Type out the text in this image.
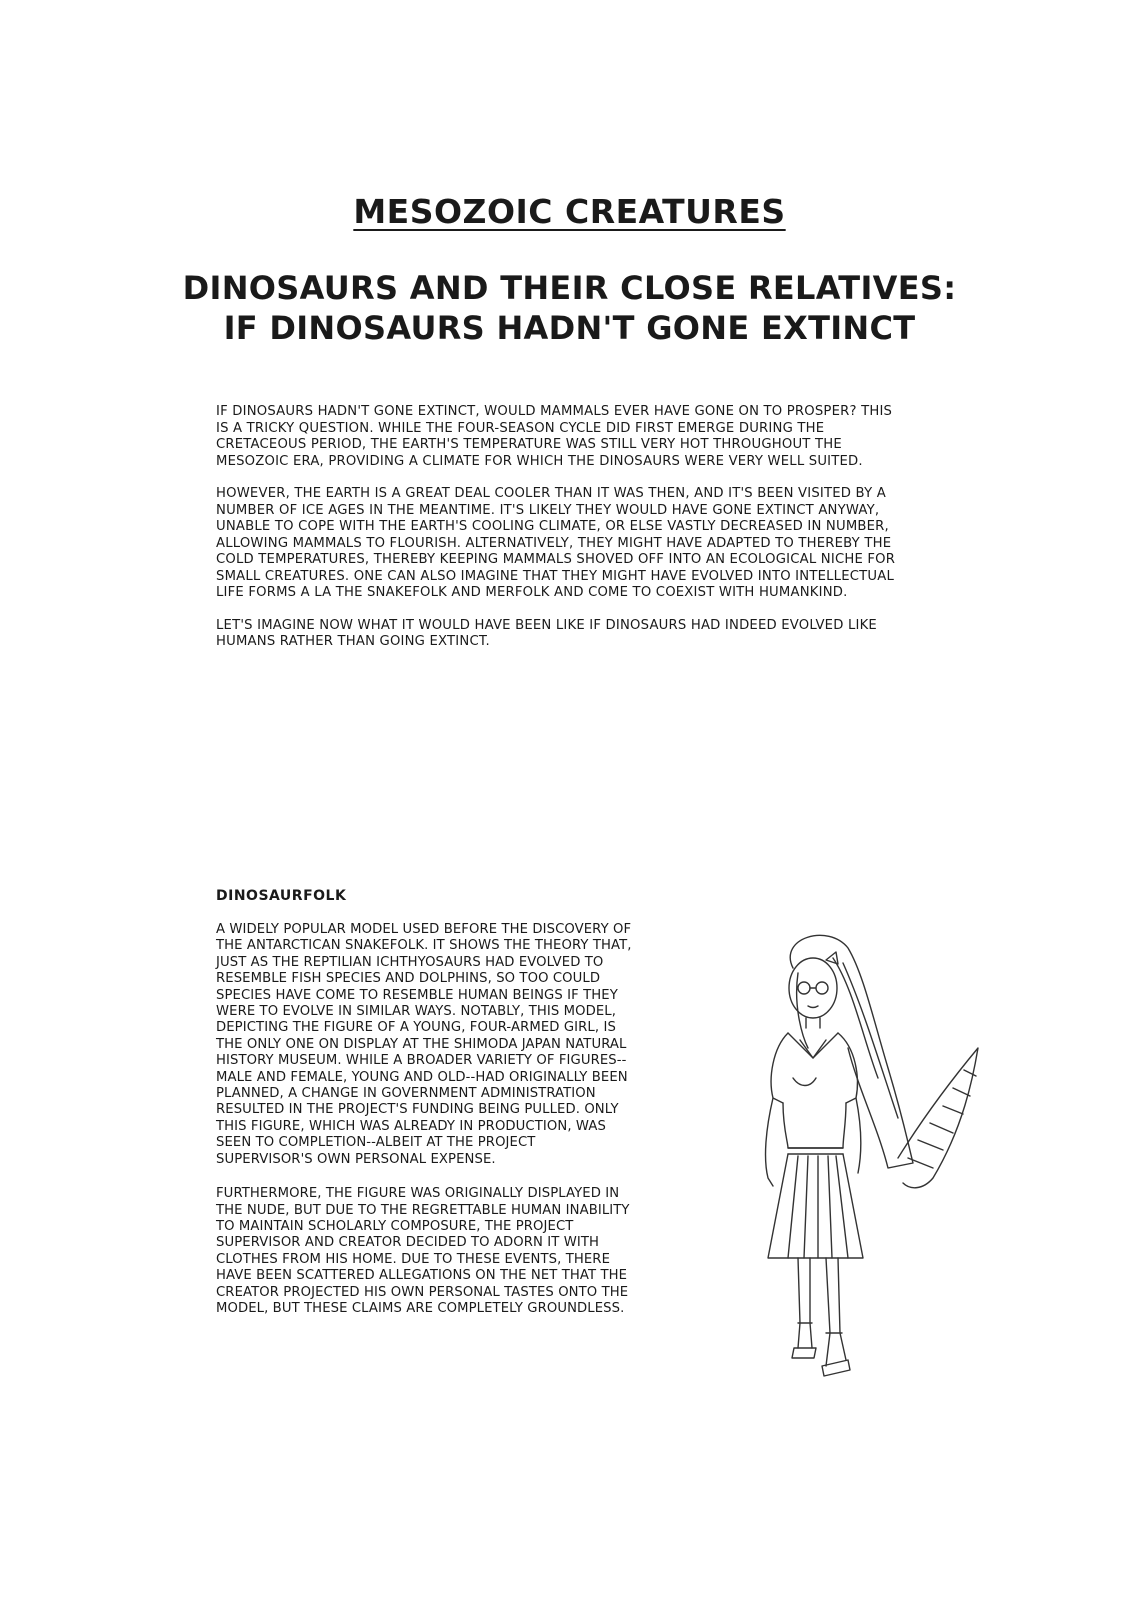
MESOZOIC CREATURES
DINOSAURS AND THEIR CLOSE RELATIVES:
IF DINOSAURS HADN'T GONE EXTINCT

IF DINOSAURS HADN'T GONE EXTINCT, WOULD MAMMALS EVER HAVE GONE ON TO PROSPER? THIS IS A TRICKY QUESTION. WHILE THE FOUR-SEASON CYCLE DID FIRST EMERGE DURING THE CRETACEOUS PERIOD, THE EARTH'S TEMPERATURE WAS STILL VERY HOT THROUGHOUT THE MESOZOIC ERA, PROVIDING A CLIMATE FOR WHICH THE DINOSAURS WERE VERY WELL SUITED.

HOWEVER, THE EARTH IS A GREAT DEAL COOLER THAN IT WAS THEN, AND IT'S BEEN VISITED BY A NUMBER OF ICE AGES IN THE MEANTIME. IT'S LIKELY THEY WOULD HAVE GONE EXTINCT ANYWAY, UNABLE TO COPE WITH THE EARTH'S COOLING CLIMATE, OR ELSE VASTLY DECREASED IN NUMBER, ALLOWING MAMMALS TO FLOURISH. ALTERNATIVELY, THEY MIGHT HAVE ADAPTED TO THEREBY THE COLD TEMPERATURES, THEREBY KEEPING MAMMALS SHOVED OFF INTO AN ECOLOGICAL NICHE FOR SMALL CREATURES. ONE CAN ALSO IMAGINE THAT THEY MIGHT HAVE EVOLVED INTO INTELLECTUAL LIFE FORMS A LA THE SNAKEFOLK AND MERFOLK AND COME TO COEXIST WITH HUMANKIND.

LET'S IMAGINE NOW WHAT IT WOULD HAVE BEEN LIKE IF DINOSAURS HAD INDEED EVOLVED LIKE HUMANS RATHER THAN GOING EXTINCT.

DINOSAURFOLK

A WIDELY POPULAR MODEL USED BEFORE THE DISCOVERY OF THE ANTARCTICAN SNAKEFOLK. IT SHOWS THE THEORY THAT, JUST AS THE REPTILIAN ICHTHYOSAURS HAD EVOLVED TO RESEMBLE FISH SPECIES AND DOLPHINS, SO TOO COULD SPECIES HAVE COME TO RESEMBLE HUMAN BEINGS IF THEY WERE TO EVOLVE IN SIMILAR WAYS. NOTABLY, THIS MODEL, DEPICTING THE FIGURE OF A YOUNG, FOUR-ARMED GIRL, IS THE ONLY ONE ON DISPLAY AT THE SHIMODA JAPAN NATURAL HISTORY MUSEUM. WHILE A BROADER VARIETY OF FIGURES--MALE AND FEMALE, YOUNG AND OLD--HAD ORIGINALLY BEEN PLANNED, A CHANGE IN GOVERNMENT ADMINISTRATION RESULTED IN THE PROJECT'S FUNDING BEING PULLED. ONLY THIS FIGURE, WHICH WAS ALREADY IN PRODUCTION, WAS SEEN TO COMPLETION--ALBEIT AT THE PROJECT SUPERVISOR'S OWN PERSONAL EXPENSE.

FURTHERMORE, THE FIGURE WAS ORIGINALLY DISPLAYED IN THE NUDE, BUT DUE TO THE REGRETTABLE HUMAN INABILITY TO MAINTAIN SCHOLARLY COMPOSURE, THE PROJECT SUPERVISOR AND CREATOR DECIDED TO ADORN IT WITH CLOTHES FROM HIS HOME. DUE TO THESE EVENTS, THERE HAVE BEEN SCATTERED ALLEGATIONS ON THE NET THAT THE CREATOR PROJECTED HIS OWN PERSONAL TASTES ONTO THE MODEL, BUT THESE CLAIMS ARE COMPLETELY GROUNDLESS.
